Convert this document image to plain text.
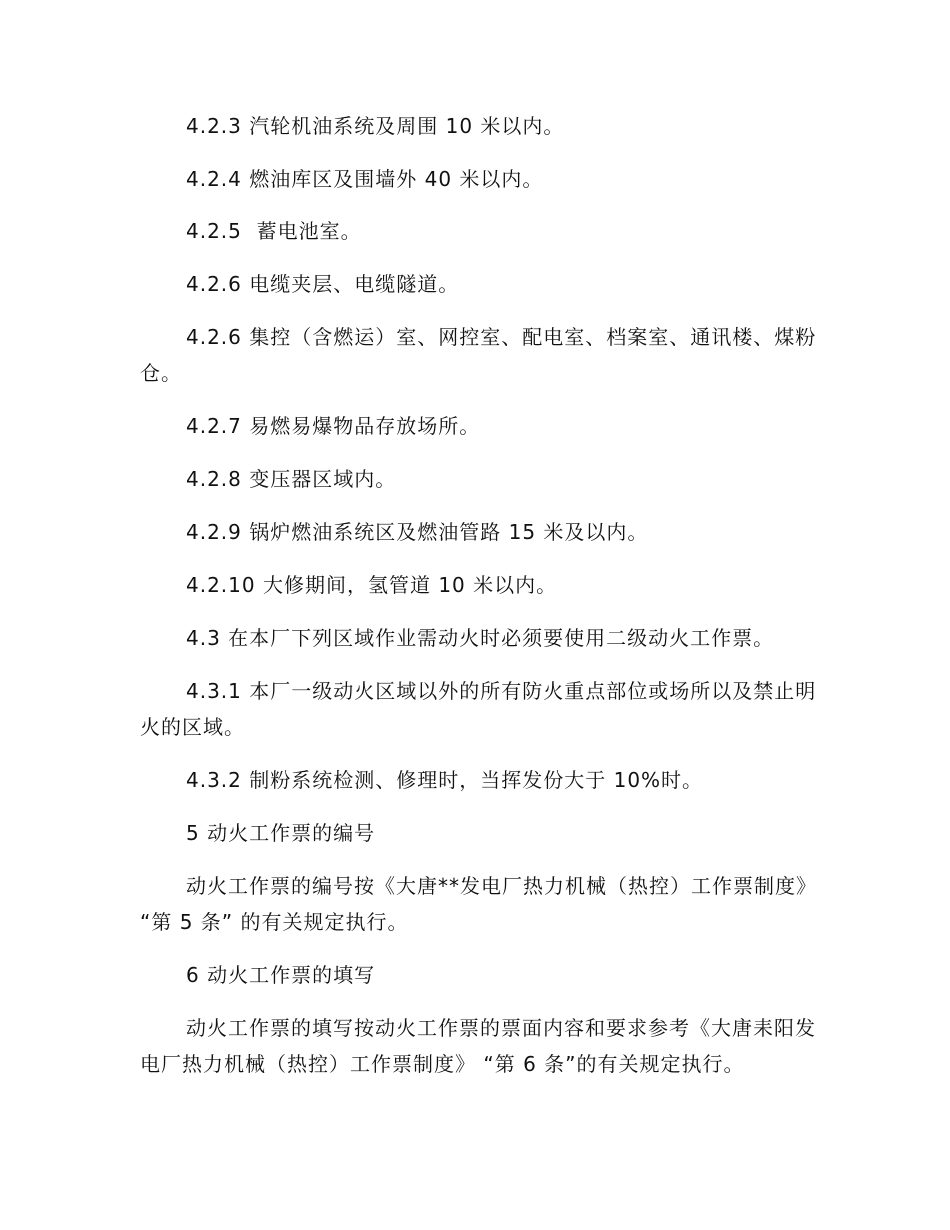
4.2.3 汽轮机油系统及周围 10 米以内。

4.2.4 燃油库区及围墙外 40 米以内。

4.2.5  蓄电池室。

4.2.6 电缆夹层、电缆隧道。

4.2.6 集控（含燃运）室、网控室、配电室、档案室、通讯楼、煤粉仓。

4.2.7 易燃易爆物品存放场所。

4.2.8 变压器区域内。

4.2.9 锅炉燃油系统区及燃油管路 15 米及以内。

4.2.10 大修期间，氢管道 10 米以内。

4.3 在本厂下列区域作业需动火时必须要使用二级动火工作票。

4.3.1 本厂一级动火区域以外的所有防火重点部位或场所以及禁止明火的区域。

4.3.2 制粉系统检测、修理时，当挥发份大于 10%时。

5 动火工作票的编号

动火工作票的编号按《大唐**发电厂热力机械（热控）工作票制度》 “第 5 条” 的有关规定执行。

6 动火工作票的填写

动火工作票的填写按动火工作票的票面内容和要求参考《大唐耒阳发电厂热力机械（热控）工作票制度》 “第 6 条”的有关规定执行。
